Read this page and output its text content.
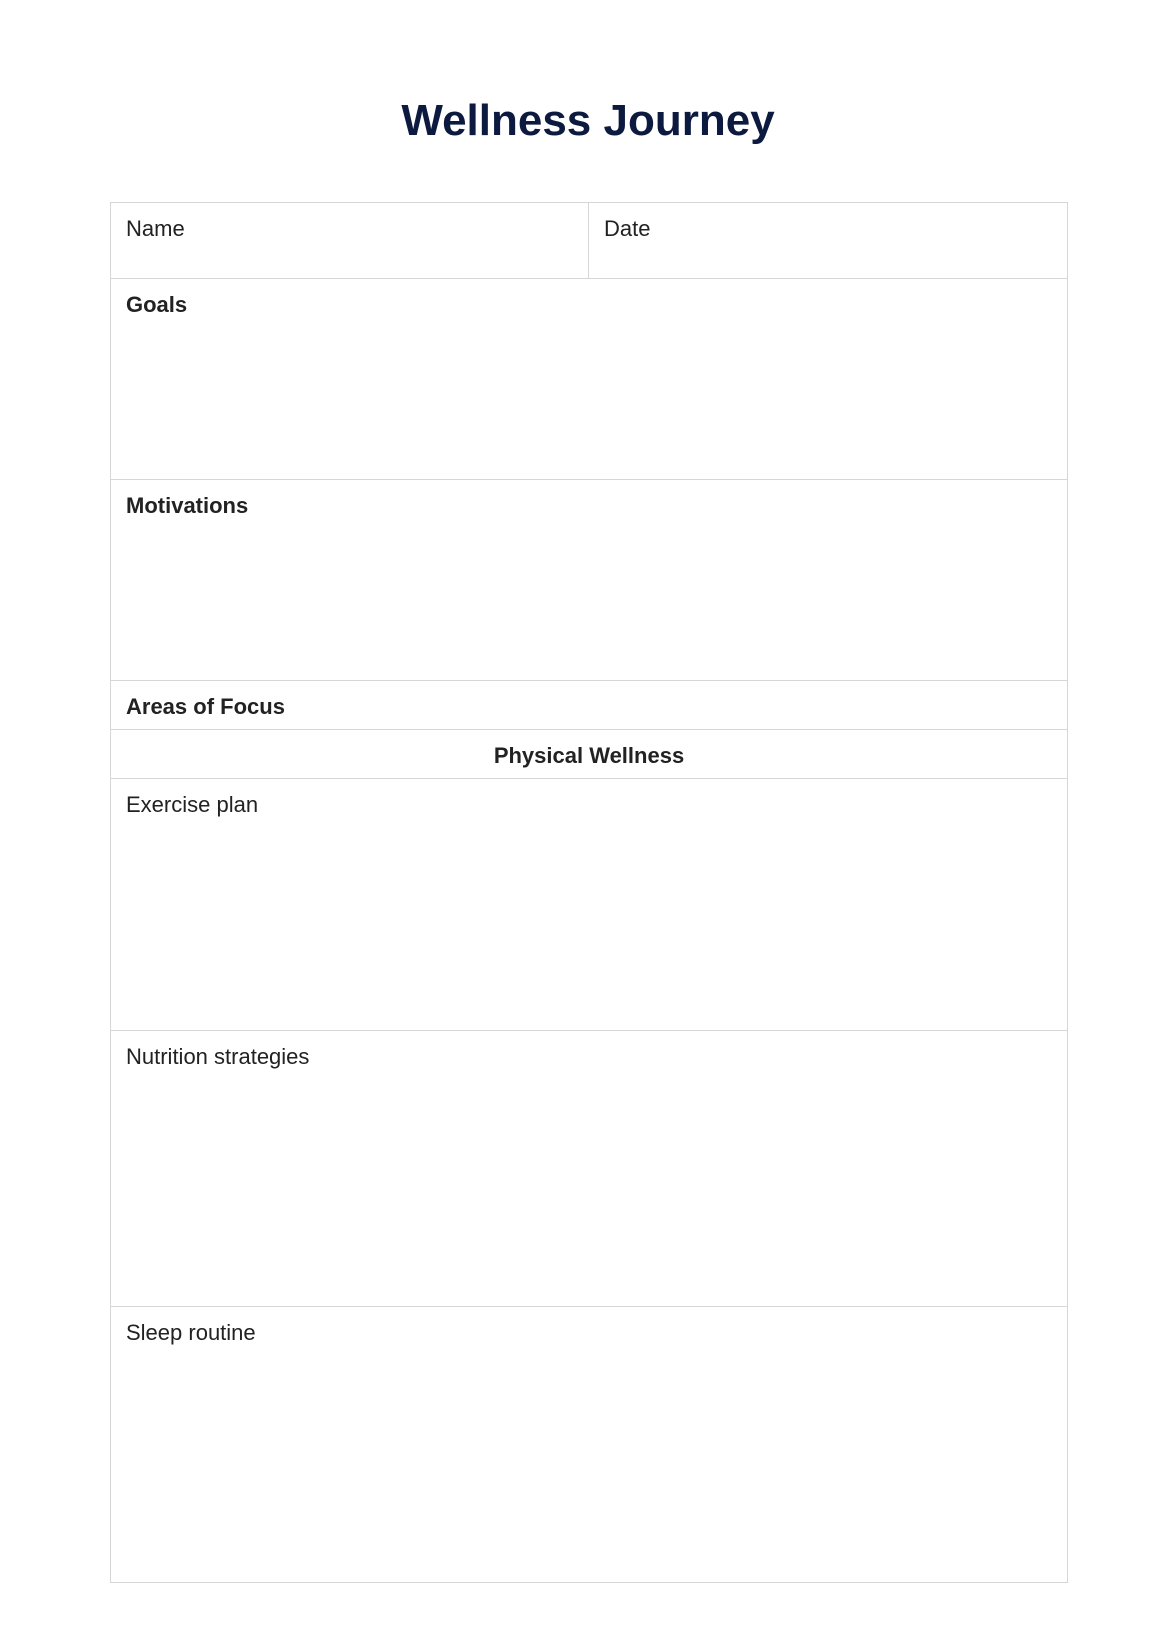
Wellness Journey
Name	Date
Goals
Motivations
Areas of Focus
Physical Wellness
Exercise plan
Nutrition strategies
Sleep routine
